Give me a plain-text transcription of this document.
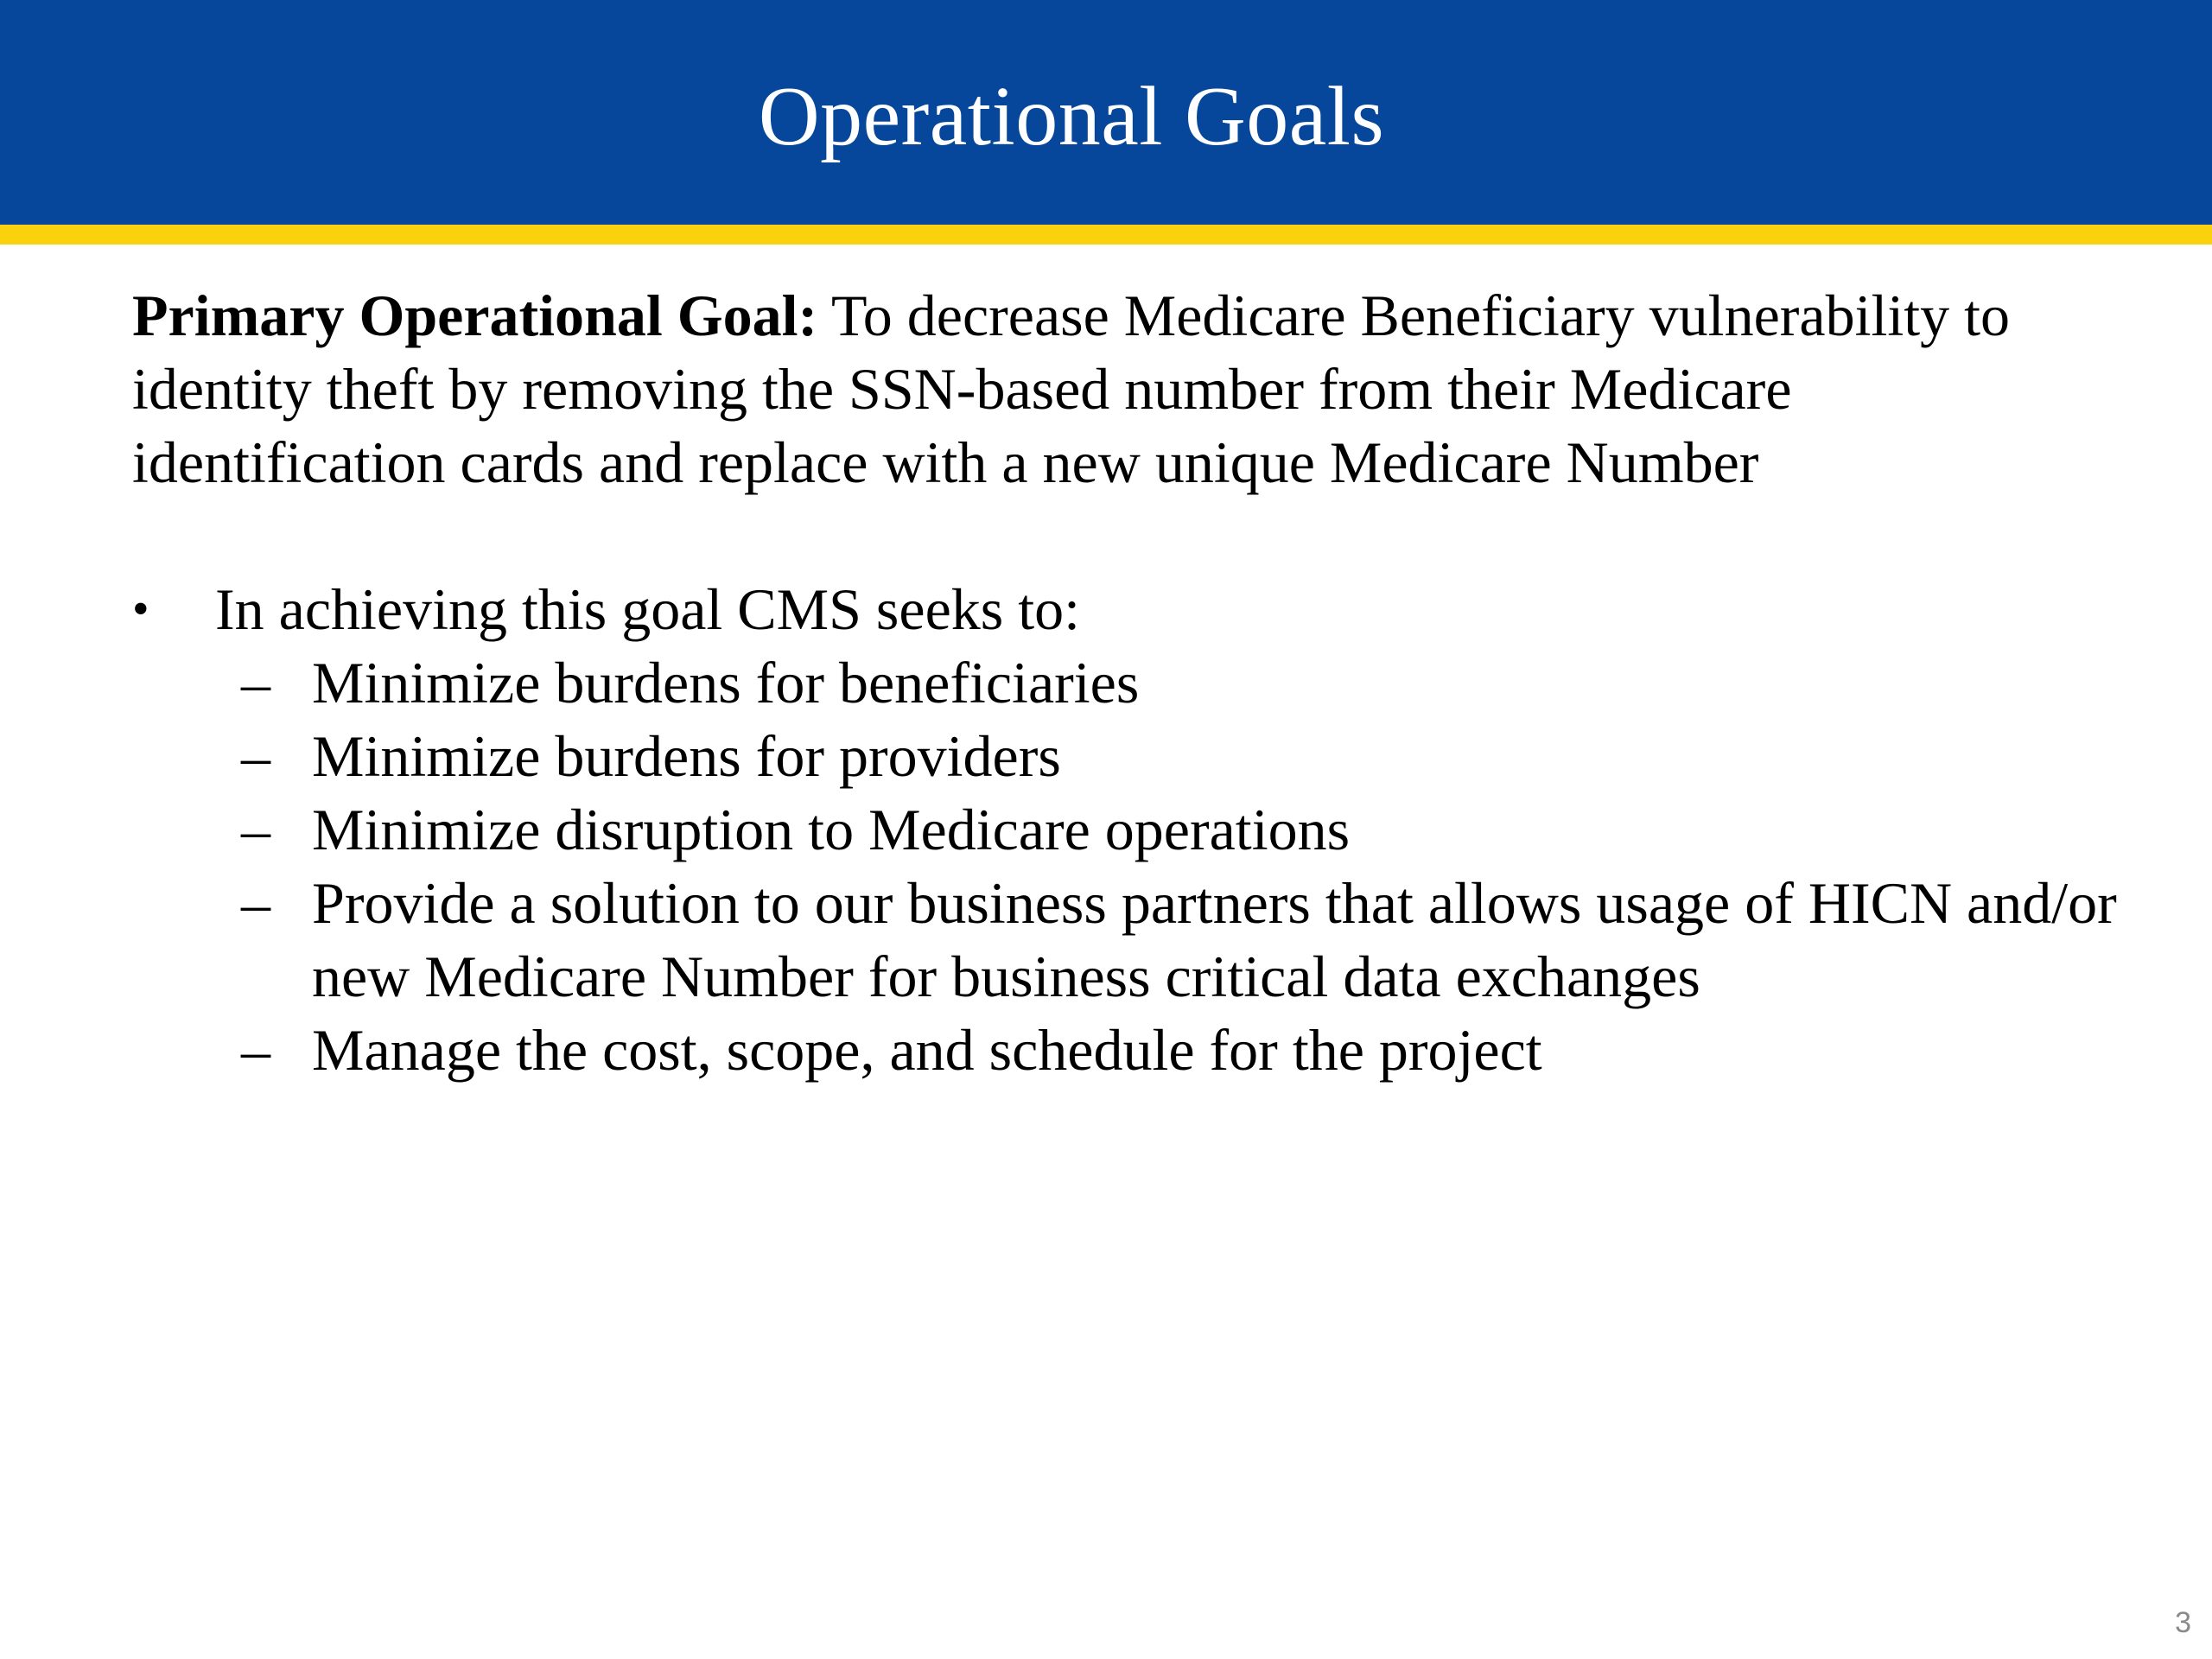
Operational Goals

Primary Operational Goal: To decrease Medicare Beneficiary vulnerability to identity theft by removing the SSN-based number from their Medicare identification cards and replace with a new unique Medicare Number

• In achieving this goal CMS seeks to:
– Minimize burdens for beneficiaries
– Minimize burdens for providers
– Minimize disruption to Medicare operations
– Provide a solution to our business partners that allows usage of HICN and/or new Medicare Number for business critical data exchanges
– Manage the cost, scope, and schedule for the project
3
